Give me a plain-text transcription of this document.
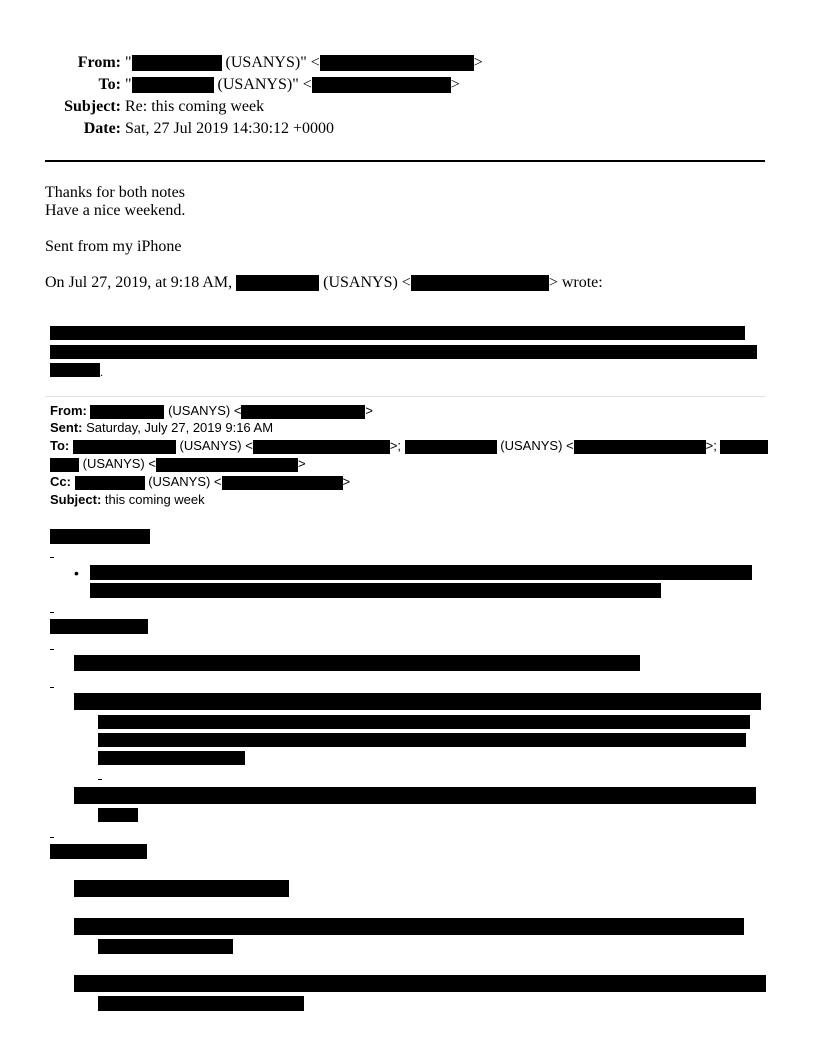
From: "	(USANYS)" <	>
To: "	(USANYS)" <	>
Subject: Re: this coming week
Date: Sat, 27 Jul 2019 14:30:12 +0000
Thanks for both notes
Have a nice weekend.
Sent from my iPhone
On Jul 27, 2019, at 9:18 AM,	(USANYS) <	> wrote:
.
From:	(USANYS) <	>
Sent: Saturday, July 27, 2019 9:16 AM
To:	(USANYS) <	>;	(USANYS) <	>;
(USANYS) <	>
Cc:	(USANYS) <	>
Subject: this coming week
•
